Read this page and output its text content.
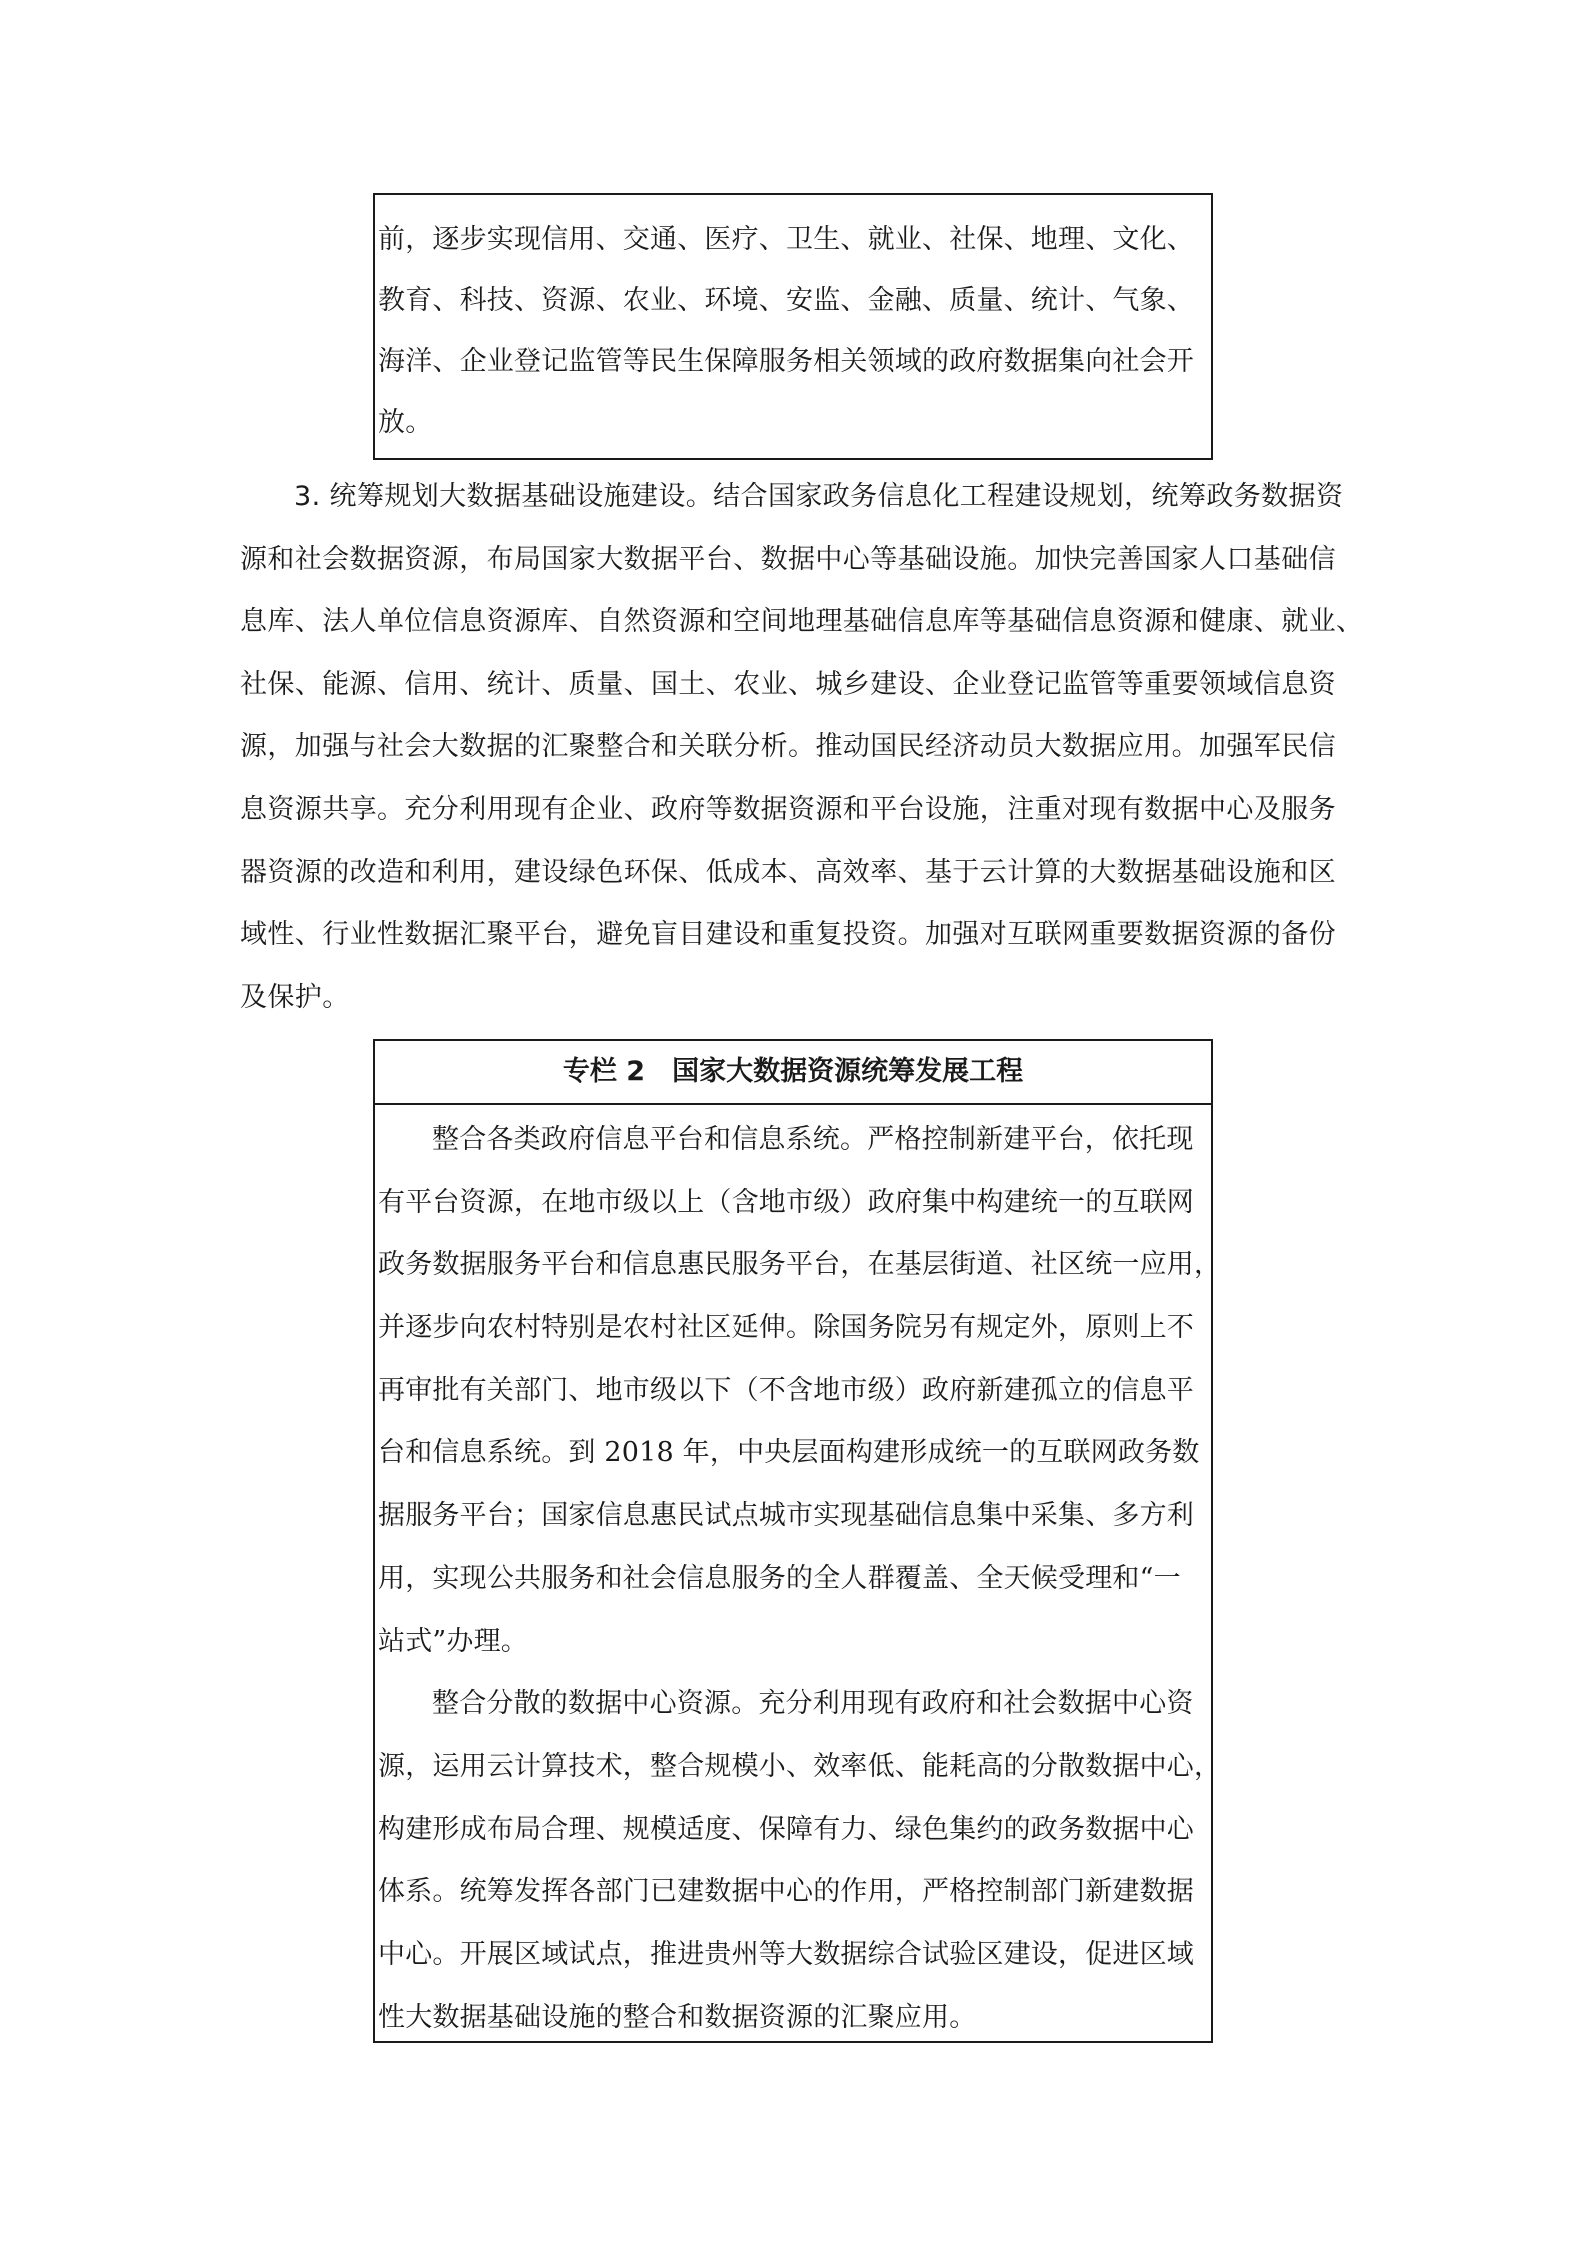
前，逐步实现信用、交通、医疗、卫生、就业、社保、地理、文化、
教育、科技、资源、农业、环境、安监、金融、质量、统计、气象、
海洋、企业登记监管等民生保障服务相关领域的政府数据集向社会开
放。
3. 统筹规划大数据基础设施建设。结合国家政务信息化工程建设规划，统筹政务数据资
源和社会数据资源，布局国家大数据平台、数据中心等基础设施。加快完善国家人口基础信
息库、法人单位信息资源库、自然资源和空间地理基础信息库等基础信息资源和健康、就业、
社保、能源、信用、统计、质量、国土、农业、城乡建设、企业登记监管等重要领域信息资
源，加强与社会大数据的汇聚整合和关联分析。推动国民经济动员大数据应用。加强军民信
息资源共享。充分利用现有企业、政府等数据资源和平台设施，注重对现有数据中心及服务
器资源的改造和利用，建设绿色环保、低成本、高效率、基于云计算的大数据基础设施和区
域性、行业性数据汇聚平台，避免盲目建设和重复投资。加强对互联网重要数据资源的备份
及保护。
专栏 2　国家大数据资源统筹发展工程
整合各类政府信息平台和信息系统。严格控制新建平台，依托现
有平台资源，在地市级以上（含地市级）政府集中构建统一的互联网
政务数据服务平台和信息惠民服务平台，在基层街道、社区统一应用，
并逐步向农村特别是农村社区延伸。除国务院另有规定外，原则上不
再审批有关部门、地市级以下（不含地市级）政府新建孤立的信息平
台和信息系统。到 2018 年，中央层面构建形成统一的互联网政务数
据服务平台；国家信息惠民试点城市实现基础信息集中采集、多方利
用，实现公共服务和社会信息服务的全人群覆盖、全天候受理和“一
站式”办理。
整合分散的数据中心资源。充分利用现有政府和社会数据中心资
源，运用云计算技术，整合规模小、效率低、能耗高的分散数据中心，
构建形成布局合理、规模适度、保障有力、绿色集约的政务数据中心
体系。统筹发挥各部门已建数据中心的作用，严格控制部门新建数据
中心。开展区域试点，推进贵州等大数据综合试验区建设，促进区域
性大数据基础设施的整合和数据资源的汇聚应用。
